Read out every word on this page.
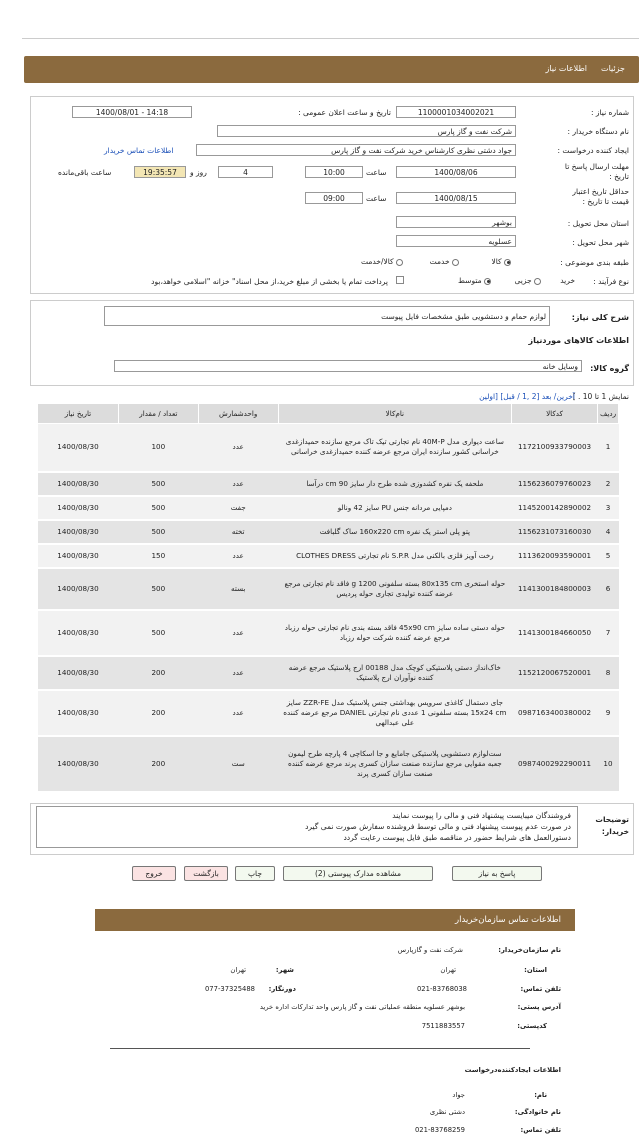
جزئیات
اطلاعات نیاز
شماره نیاز :
1100001034002021
تاریخ و ساعت اعلان عمومی :
1400/08/01 - 14:18
نام دستگاه خریدار :
شرکت نفت و گاز پارس
ایجاد کننده درخواست :
جواد دشتی نظری کارشناس خرید شرکت نفت و گاز پارس
اطلاعات تماس خریدار
مهلت ارسال پاسخ تا تاریخ :
1400/08/06
ساعت
10:00
4
روز و
19:35:57
ساعت باقی‌مانده
حداقل تاریخ اعتبار قیمت تا تاریخ :
1400/08/15
ساعت
09:00
استان محل تحویل :
بوشهر
شهر محل تحویل :
عسلویه
طبقه بندی موضوعی :
کالا
خدمت
کالا/خدمت
نوع فرآیند :
خرید
جزیی
متوسط
پرداخت تمام یا بخشی از مبلغ خرید،از محل اسناد" خزانه "اسلامی خواهد،بود
شرح کلی نیاز:
لوازم حمام و دستشویی طبق مشخصات فایل پیوست
اطلاعات کالاهای موردنیاز
گروه کالا:
وسایل خانه
نمایش 1 تا 10 . ]
آخرین/ بعد [2 ,1 / قبل] [اولین
ردیف	کدکالا	نام‌کالا	واحدشمارش	تعداد / مقدار	تاریخ نیاز
1	1172100933790003	ساعت دیواری مدل 40M-P نام تجارتی تیک تاک مرجع سازنده حمیدازغدی خراسانی کشور سازنده ایران مرجع عرضه کننده حمیدازغدی خراسانی	عدد	100	1400/08/30
2	1156236079760023	ملحفه یک نفره کشدوزی شده طرح دار سایز 90 cm درآسا	عدد	500	1400/08/30
3	1145200142890002	دمپایی مردانه جنس PU سایز 42 ونالو	جفت	500	1400/08/30
4	1156231073160030	پتو پلی استر یک نفره 160x220 cm ساک گلبافت	تخته	500	1400/08/30
5	1113620093590001	رخت آویز فلزی بالکنی مدل S.P.R نام تجارتی CLOTHES DRESS	عدد	150	1400/08/30
6	1141300184800003	حوله استخری 80x135 cm بسته سلفونی 1200 g فاقد نام تجارتی مرجع عرضه کننده تولیدی تجاری حوله پردیس	بسته	500	1400/08/30
7	1141300184660050	حوله دستی ساده سایز 45x90 cm فاقد بسته بندی نام تجارتی حوله رزباد مرجع عرضه کننده شرکت حوله رزباد	عدد	500	1400/08/30
8	1152120067520001	خاک‌انداز دستی پلاستیکی کوچک مدل 00188 ارج پلاستیک مرجع عرضه کننده نوآوران ارج پلاستیک	عدد	200	1400/08/30
9	0987163400380002	جای دستمال کاغذی سرویس بهداشتی جنس پلاستیک مدل ZZR-FE سایز 15x24 cm بسته سلفونی 1 عددی نام تجارتی DANIEL مرجع عرضه کننده علی عبدالهی	عدد	200	1400/08/30
10	0987400292290011	ست‌لوازم دستشویی پلاستیکی جامایع و جا اسکاچی 4 پارچه طرح لیمون جعبه مقوایی مرجع سازنده صنعت سازان کسری پرند مرجع عرضه کننده صنعت سازان کسری پرند	ست	200	1400/08/30
توضیحات خریدار:
فروشندگان میبایست پیشنهاد فنی و مالی را پیوست نمایند
در صورت عدم پیوست پیشنهاد فنی و مالی توسط فروشنده سفارش صورت نمی گیرد
دستورالعمل های شرایط حضور در مناقصه طبق فایل پیوست رعایت گردد
پاسخ به نیاز
مشاهده مدارک پیوستی (2)
چاپ
بازگشت
خروج
اطلاعات تماس سازمان‌خریدار
نام سازمان‌خریدار:
شرکت نفت و گازپارس
استان:
تهران
شهر:
تهران
تلفن تماس:
021-83768038
دورنگار:
077-37325488
آدرس پستی:
بوشهر عسلویه منطقه عملیاتی نفت و گاز پارس واحد تدارکات اداره خرید
کدپستی:
7511883557
اطلاعات ایجادکننده‌درخواست
نام:
جواد
نام خانوادگی:
دشتی نظری
تلفن تماس:
021-83768259
